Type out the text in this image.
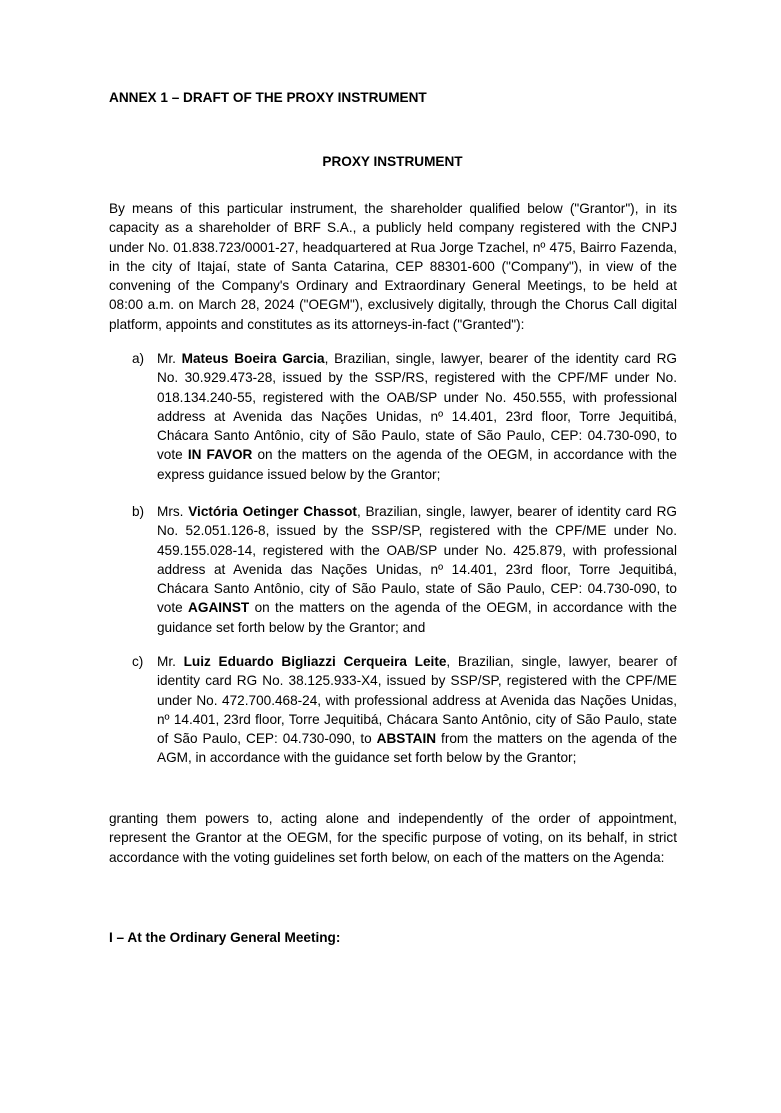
ANNEX 1 – DRAFT OF THE PROXY INSTRUMENT
PROXY INSTRUMENT

By means of this particular instrument, the shareholder qualified below ("Grantor"), in its capacity as a shareholder of BRF S.A., a publicly held company registered with the CNPJ under No. 01.838.723/0001-27, headquartered at Rua Jorge Tzachel, nº 475, Bairro Fazenda, in the city of Itajaí, state of Santa Catarina, CEP 88301-600 ("Company"), in view of the convening of the Company's Ordinary and Extraordinary General Meetings, to be held at 08:00 a.m. on March 28, 2024 ("OEGM"), exclusively digitally, through the Chorus Call digital platform, appoints and constitutes as its attorneys-in-fact ("Granted"):

a) Mr. Mateus Boeira Garcia, Brazilian, single, lawyer, bearer of the identity card RG No. 30.929.473-28, issued by the SSP/RS, registered with the CPF/MF under No. 018.134.240-55, registered with the OAB/SP under No. 450.555, with professional address at Avenida das Nações Unidas, nº 14.401, 23rd floor, Torre Jequitibá, Chácara Santo Antônio, city of São Paulo, state of São Paulo, CEP: 04.730-090, to vote IN FAVOR on the matters on the agenda of the OEGM, in accordance with the express guidance issued below by the Grantor;
b) Mrs. Victória Oetinger Chassot, Brazilian, single, lawyer, bearer of identity card RG No. 52.051.126-8, issued by the SSP/SP, registered with the CPF/ME under No. 459.155.028-14, registered with the OAB/SP under No. 425.879, with professional address at Avenida das Nações Unidas, nº 14.401, 23rd floor, Torre Jequitibá, Chácara Santo Antônio, city of São Paulo, state of São Paulo, CEP: 04.730-090, to vote AGAINST on the matters on the agenda of the OEGM, in accordance with the guidance set forth below by the Grantor; and
c) Mr. Luiz Eduardo Bigliazzi Cerqueira Leite, Brazilian, single, lawyer, bearer of identity card RG No. 38.125.933-X4, issued by SSP/SP, registered with the CPF/ME under No. 472.700.468-24, with professional address at Avenida das Nações Unidas, nº 14.401, 23rd floor, Torre Jequitibá, Chácara Santo Antônio, city of São Paulo, state of São Paulo, CEP: 04.730-090, to ABSTAIN from the matters on the agenda of the AGM, in accordance with the guidance set forth below by the Grantor;

granting them powers to, acting alone and independently of the order of appointment, represent the Grantor at the OEGM, for the specific purpose of voting, on its behalf, in strict accordance with the voting guidelines set forth below, on each of the matters on the Agenda:

I – At the Ordinary General Meeting:
